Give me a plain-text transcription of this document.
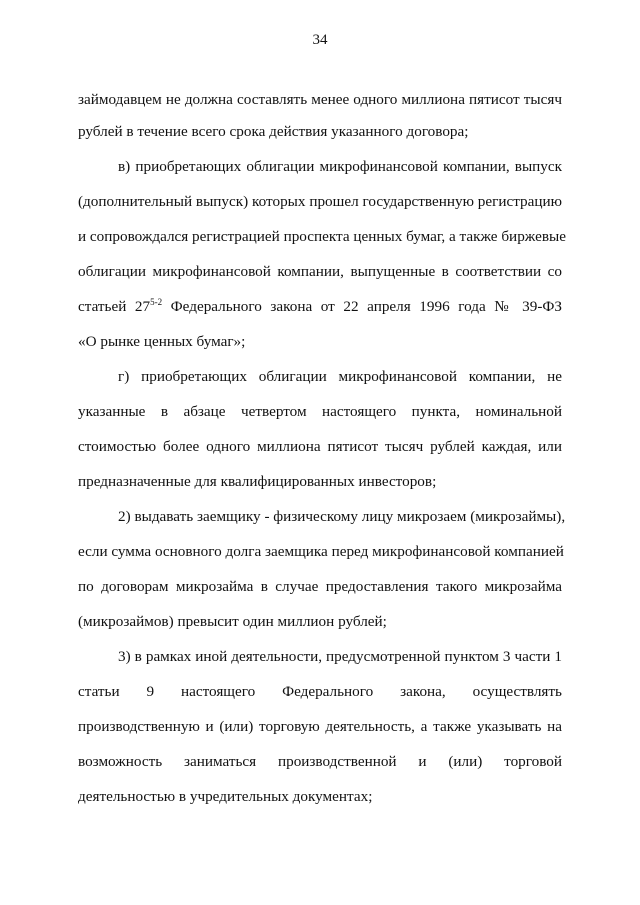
34
займодавцем не должна составлять менее одного миллиона пятисот тысяч
рублей в течение всего срока действия указанного договора;
в) приобретающих облигации микрофинансовой компании, выпуск
(дополнительный выпуск) которых прошел государственную регистрацию
и сопровождался регистрацией проспекта ценных бумаг, а также биржевые
облигации микрофинансовой компании, выпущенные в соответствии со
статьей 27$^{5-2}$ Федерального закона от 22 апреля 1996 года № 39-ФЗ
«О рынке ценных бумаг»;
г) приобретающих облигации микрофинансовой компании, не
указанные в абзаце четвертом настоящего пункта, номинальной
стоимостью более одного миллиона пятисот тысяч рублей каждая, или
предназначенные для квалифицированных инвесторов;
2) выдавать заемщику - физическому лицу микрозаем (микрозаймы),
если сумма основного долга заемщика перед микрофинансовой компанией
по договорам микрозайма в случае предоставления такого микрозайма
(микрозаймов) превысит один миллион рублей;
3) в рамках иной деятельности, предусмотренной пунктом 3 части 1
статьи 9 настоящего Федерального закона, осуществлять
производственную и (или) торговую деятельность, а также указывать на
возможность заниматься производственной и (или) торговой
деятельностью в учредительных документах;
